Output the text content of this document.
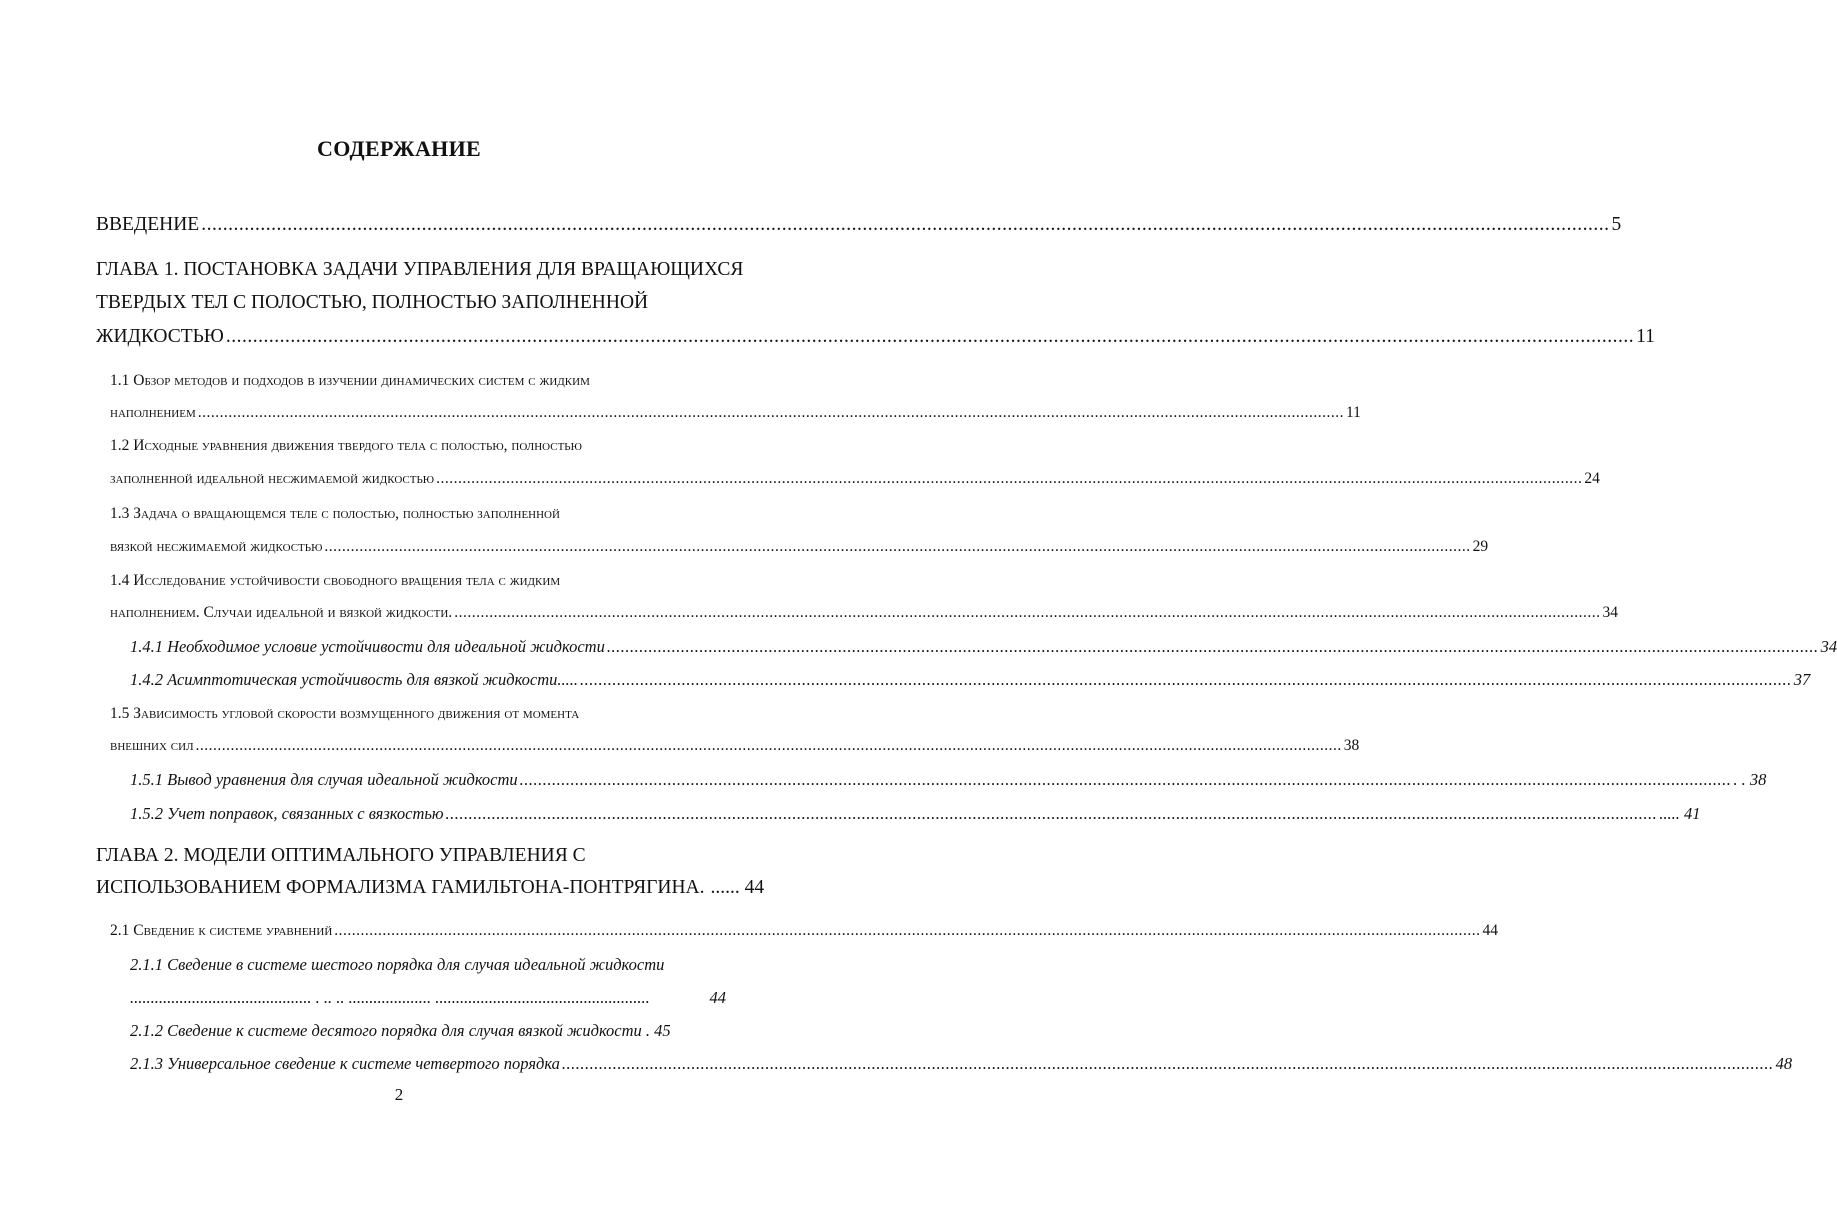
СОДЕРЖАНИЕ
ВВЕДЕНИЕ .....	5
ГЛАВА 1. ПОСТАНОВКА ЗАДАЧИ УПРАВЛЕНИЯ ДЛЯ ВРАЩАЮЩИХСЯ
ТВЕРДЫХ ТЕЛ С ПОЛОСТЬЮ, ПОЛНОСТЬЮ ЗАПОЛНЕННОЙ
ЖИДКОСТЬЮ .....	11
1.1 Обзор методов и подходов в изучении динамических систем с жидким
наполнением .....	11
1.2 Исходные уравнения движения твердого тела с полостью, полностью
заполненной идеальной несжимаемой жидкостью .....	24
1.3 Задача о вращающемся теле с полостью, полностью заполненной
вязкой несжимаемой жидкостью .....	29
1.4 Исследование устойчивости свободного вращения тела с жидким
наполнением. Случаи идеальной и вязкой жидкости. .....	34
1.4.1 Необходимое условие устойчивости для идеальной жидкости .....	34
1.4.2 Асимптотическая устойчивость для вязкой жидкости..... .....	37
1.5 Зависимость угловой скорости возмущенного движения от момента
внешних сил .....	38
1.5.1 Вывод уравнения для случая идеальной жидкости .....	. . 38
1.5.2 Учет поправок, связанных с вязкостью .....	..... 41
ГЛАВА 2. МОДЕЛИ ОПТИМАЛЬНОГО УПРАВЛЕНИЯ С
ИСПОЛЬЗОВАНИЕМ ФОРМАЛИЗМА ГАМИЛЬТОНА-ПОНТРЯГИНА. ...... 44
2.1 Сведение к системе уравнений .....	44
2.1.1 Сведение в системе шестого порядка для случая идеальной жидкости
............................................ . .. .. .................... ....................................................	44
2.1.2 Сведение к системе десятого порядка для случая вязкой жидкости . 45
2.1.3 Универсальное сведение к системе четвертого порядка .....	48
2
